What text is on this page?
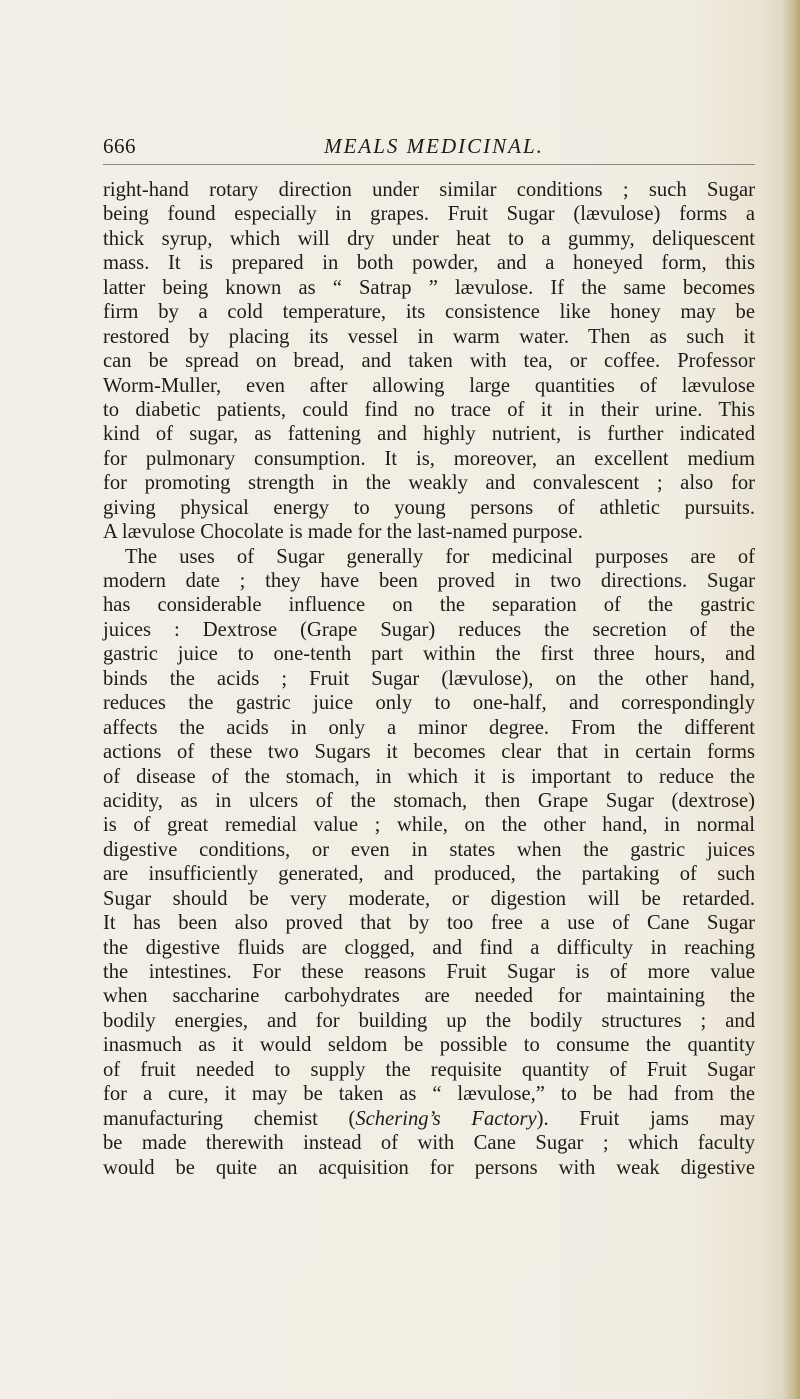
666	MEALS MEDICINAL.
right-hand rotary direction under similar conditions ; such Sugar
being found especially in grapes. Fruit Sugar (lævulose) forms a
thick syrup, which will dry under heat to a gummy, deliquescent
mass. It is prepared in both powder, and a honeyed form, this
latter being known as “ Satrap ” lævulose. If the same becomes
firm by a cold temperature, its consistence like honey may be
restored by placing its vessel in warm water. Then as such it
can be spread on bread, and taken with tea, or coffee. Professor
Worm-Muller, even after allowing large quantities of lævulose
to diabetic patients, could find no trace of it in their urine. This
kind of sugar, as fattening and highly nutrient, is further indicated
for pulmonary consumption. It is, moreover, an excellent medium
for promoting strength in the weakly and convalescent ; also for
giving physical energy to young persons of athletic pursuits.
A lævulose Chocolate is made for the last-named purpose.
The uses of Sugar generally for medicinal purposes are of
modern date ; they have been proved in two directions. Sugar
has considerable influence on the separation of the gastric
juices : Dextrose (Grape Sugar) reduces the secretion of the
gastric juice to one-tenth part within the first three hours, and
binds the acids ; Fruit Sugar (lævulose), on the other hand,
reduces the gastric juice only to one-half, and correspondingly
affects the acids in only a minor degree. From the different
actions of these two Sugars it becomes clear that in certain forms
of disease of the stomach, in which it is important to reduce the
acidity, as in ulcers of the stomach, then Grape Sugar (dextrose)
is of great remedial value ; while, on the other hand, in normal
digestive conditions, or even in states when the gastric juices
are insufficiently generated, and produced, the partaking of such
Sugar should be very moderate, or digestion will be retarded.
It has been also proved that by too free a use of Cane Sugar
the digestive fluids are clogged, and find a difficulty in reaching
the intestines. For these reasons Fruit Sugar is of more value
when saccharine carbohydrates are needed for maintaining the
bodily energies, and for building up the bodily structures ; and
inasmuch as it would seldom be possible to consume the quantity
of fruit needed to supply the requisite quantity of Fruit Sugar
for a cure, it may be taken as “ lævulose,” to be had from the
manufacturing chemist (Schering’s Factory). Fruit jams may
be made therewith instead of with Cane Sugar ; which faculty
would be quite an acquisition for persons with weak digestive
